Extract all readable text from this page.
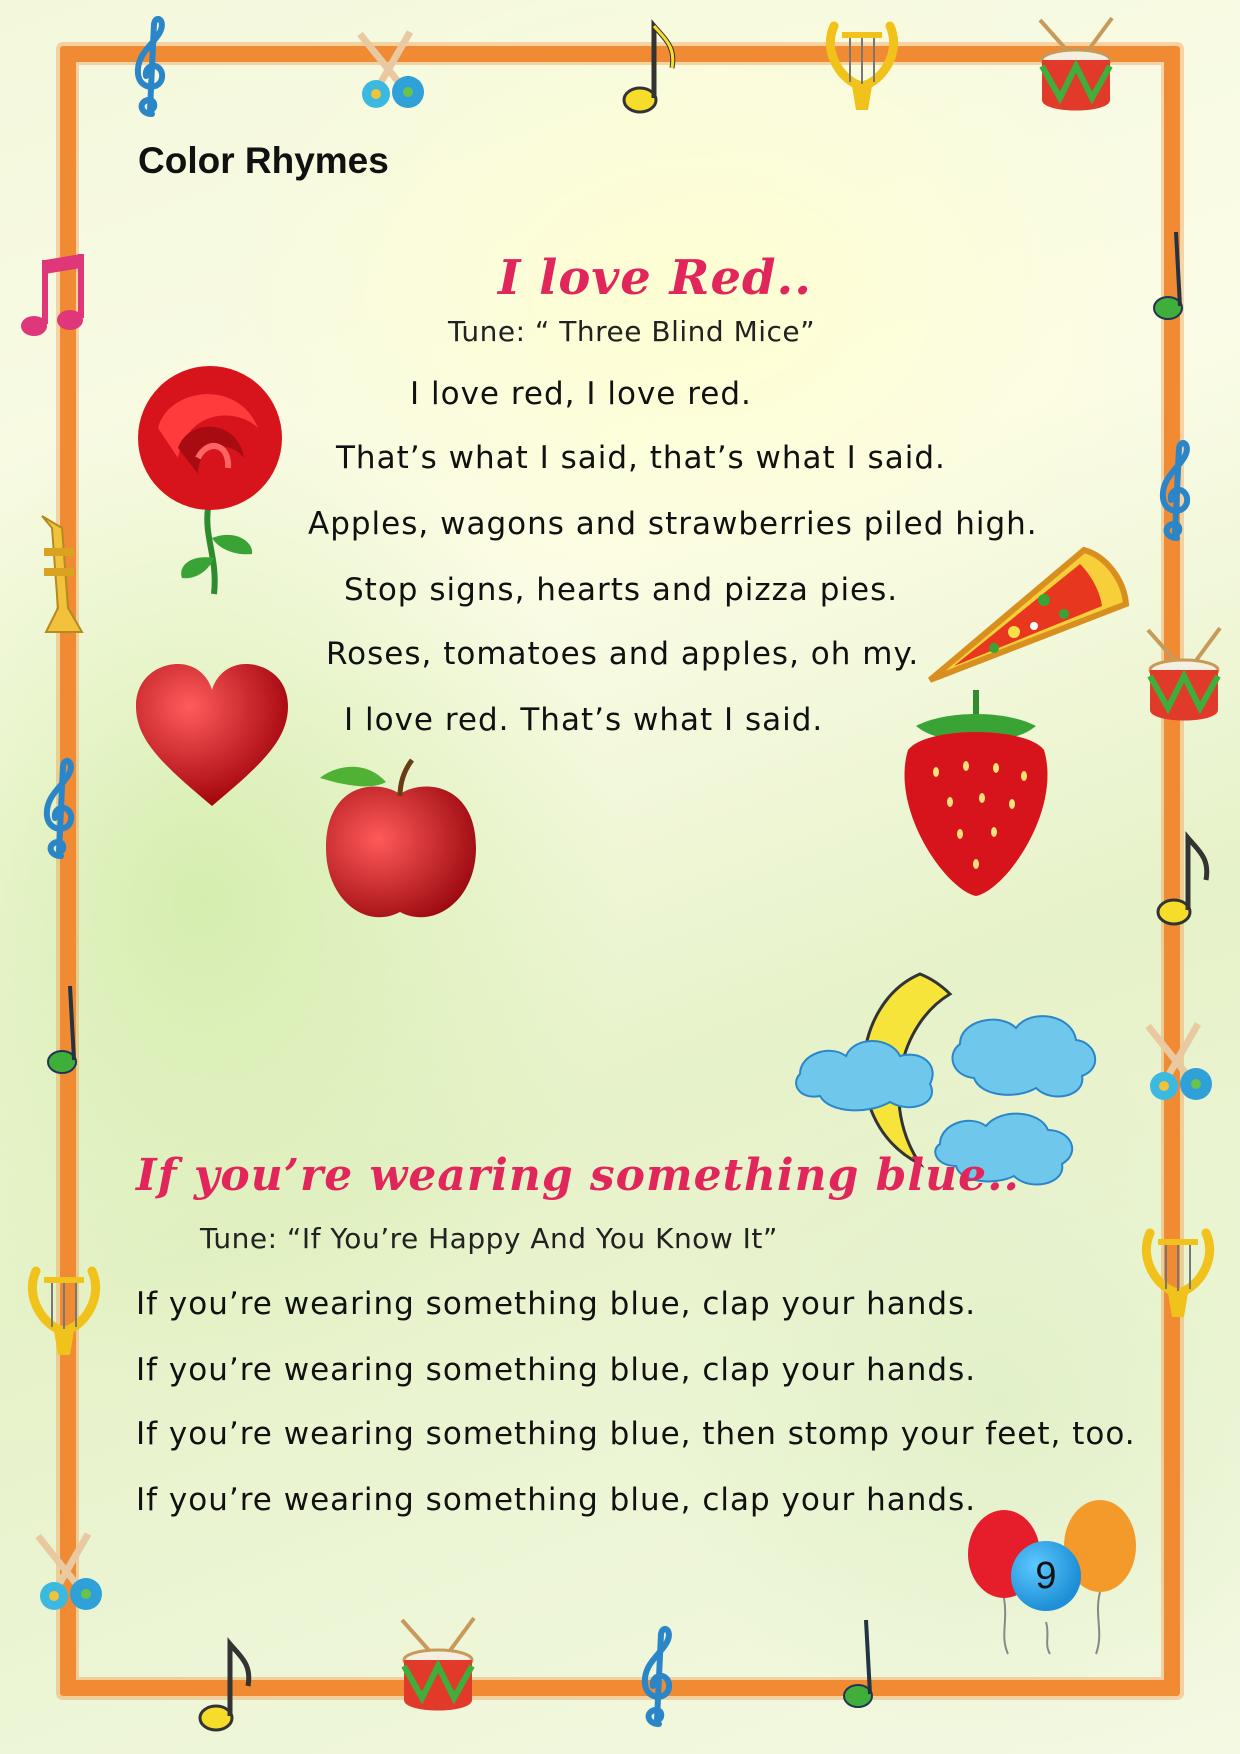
9
Color Rhymes
I love Red..
Tune: “ Three Blind Mice”
I love red, I love red.
That’s what I said, that’s what I said.
Apples, wagons and strawberries piled high.
Stop signs, hearts and pizza pies.
Roses, tomatoes and apples, oh my.
I love red. That’s what I said.
If you’re wearing something blue..
Tune: “If You’re Happy And You Know It”
If you’re wearing something blue, clap your hands.
If you’re wearing something blue, clap your hands.
If you’re wearing something blue, then stomp your feet, too.
If you’re wearing something blue, clap your hands.
